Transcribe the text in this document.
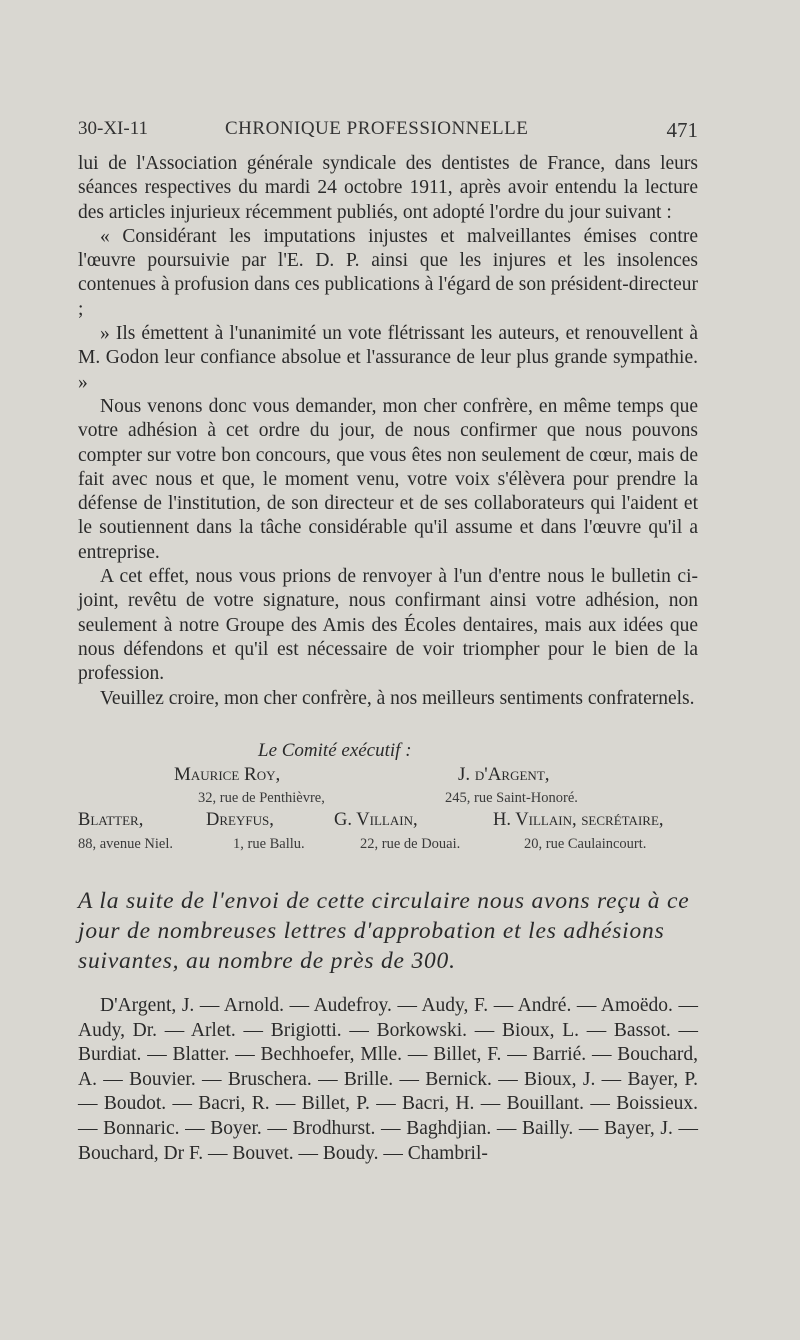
30-XI-11	CHRONIQUE PROFESSIONNELLE	471

lui de l'Association générale syndicale des dentistes de France, dans leurs séances respectives du mardi 24 octobre 1911, après avoir entendu la lecture des articles injurieux récemment publiés, ont adopté l'ordre du jour suivant :

« Considérant les imputations injustes et malveillantes émises contre l'œuvre poursuivie par l'E. D. P. ainsi que les injures et les insolences contenues à profusion dans ces publications à l'égard de son président-directeur ;

» Ils émettent à l'unanimité un vote flétrissant les auteurs, et renouvellent à M. Godon leur confiance absolue et l'assurance de leur plus grande sympathie. »

Nous venons donc vous demander, mon cher confrère, en même temps que votre adhésion à cet ordre du jour, de nous confirmer que nous pouvons compter sur votre bon concours, que vous êtes non seulement de cœur, mais de fait avec nous et que, le moment venu, votre voix s'élèvera pour prendre la défense de l'institution, de son directeur et de ses collaborateurs qui l'aident et le soutiennent dans la tâche considérable qu'il assume et dans l'œuvre qu'il a entreprise.

A cet effet, nous vous prions de renvoyer à l'un d'entre nous le bulletin ci-joint, revêtu de votre signature, nous confirmant ainsi votre adhésion, non seulement à notre Groupe des Amis des Écoles dentaires, mais aux idées que nous défendons et qu'il est nécessaire de voir triompher pour le bien de la profession.

Veuillez croire, mon cher confrère, à nos meilleurs sentiments confraternels.

Le Comité exécutif :
Maurice Roy,	J. d'Argent,
32, rue de Penthièvre,	245, rue Saint-Honoré.
Blatter,	Dreyfus,	G. Villain,	H. Villain, secrétaire,
88, avenue Niel.	1, rue Ballu.	22, rue de Douai.	20, rue Caulaincourt.
A la suite de l'envoi de cette circulaire nous avons reçu à ce jour de nombreuses lettres d'approbation et les adhésions suivantes, au nombre de près de 300.

D'Argent, J. — Arnold. — Audefroy. — Audy, F. — André. — Amoëdo. — Audy, Dr. — Arlet. — Brigiotti. — Borkowski. — Bioux, L. — Bassot. — Burdiat. — Blatter. — Bechhoefer, Mlle. — Billet, F. — Barrié. — Bouchard, A. — Bouvier. — Bruschera. — Brille. — Bernick. — Bioux, J. — Bayer, P. — Boudot. — Bacri, R. — Billet, P. — Bacri, H. — Bouillant. — Boissieux. — Bonnaric. — Boyer. — Brodhurst. — Baghdjian. — Bailly. — Bayer, J. — Bouchard, Dr F. — Bouvet. — Boudy. — Chambril-
